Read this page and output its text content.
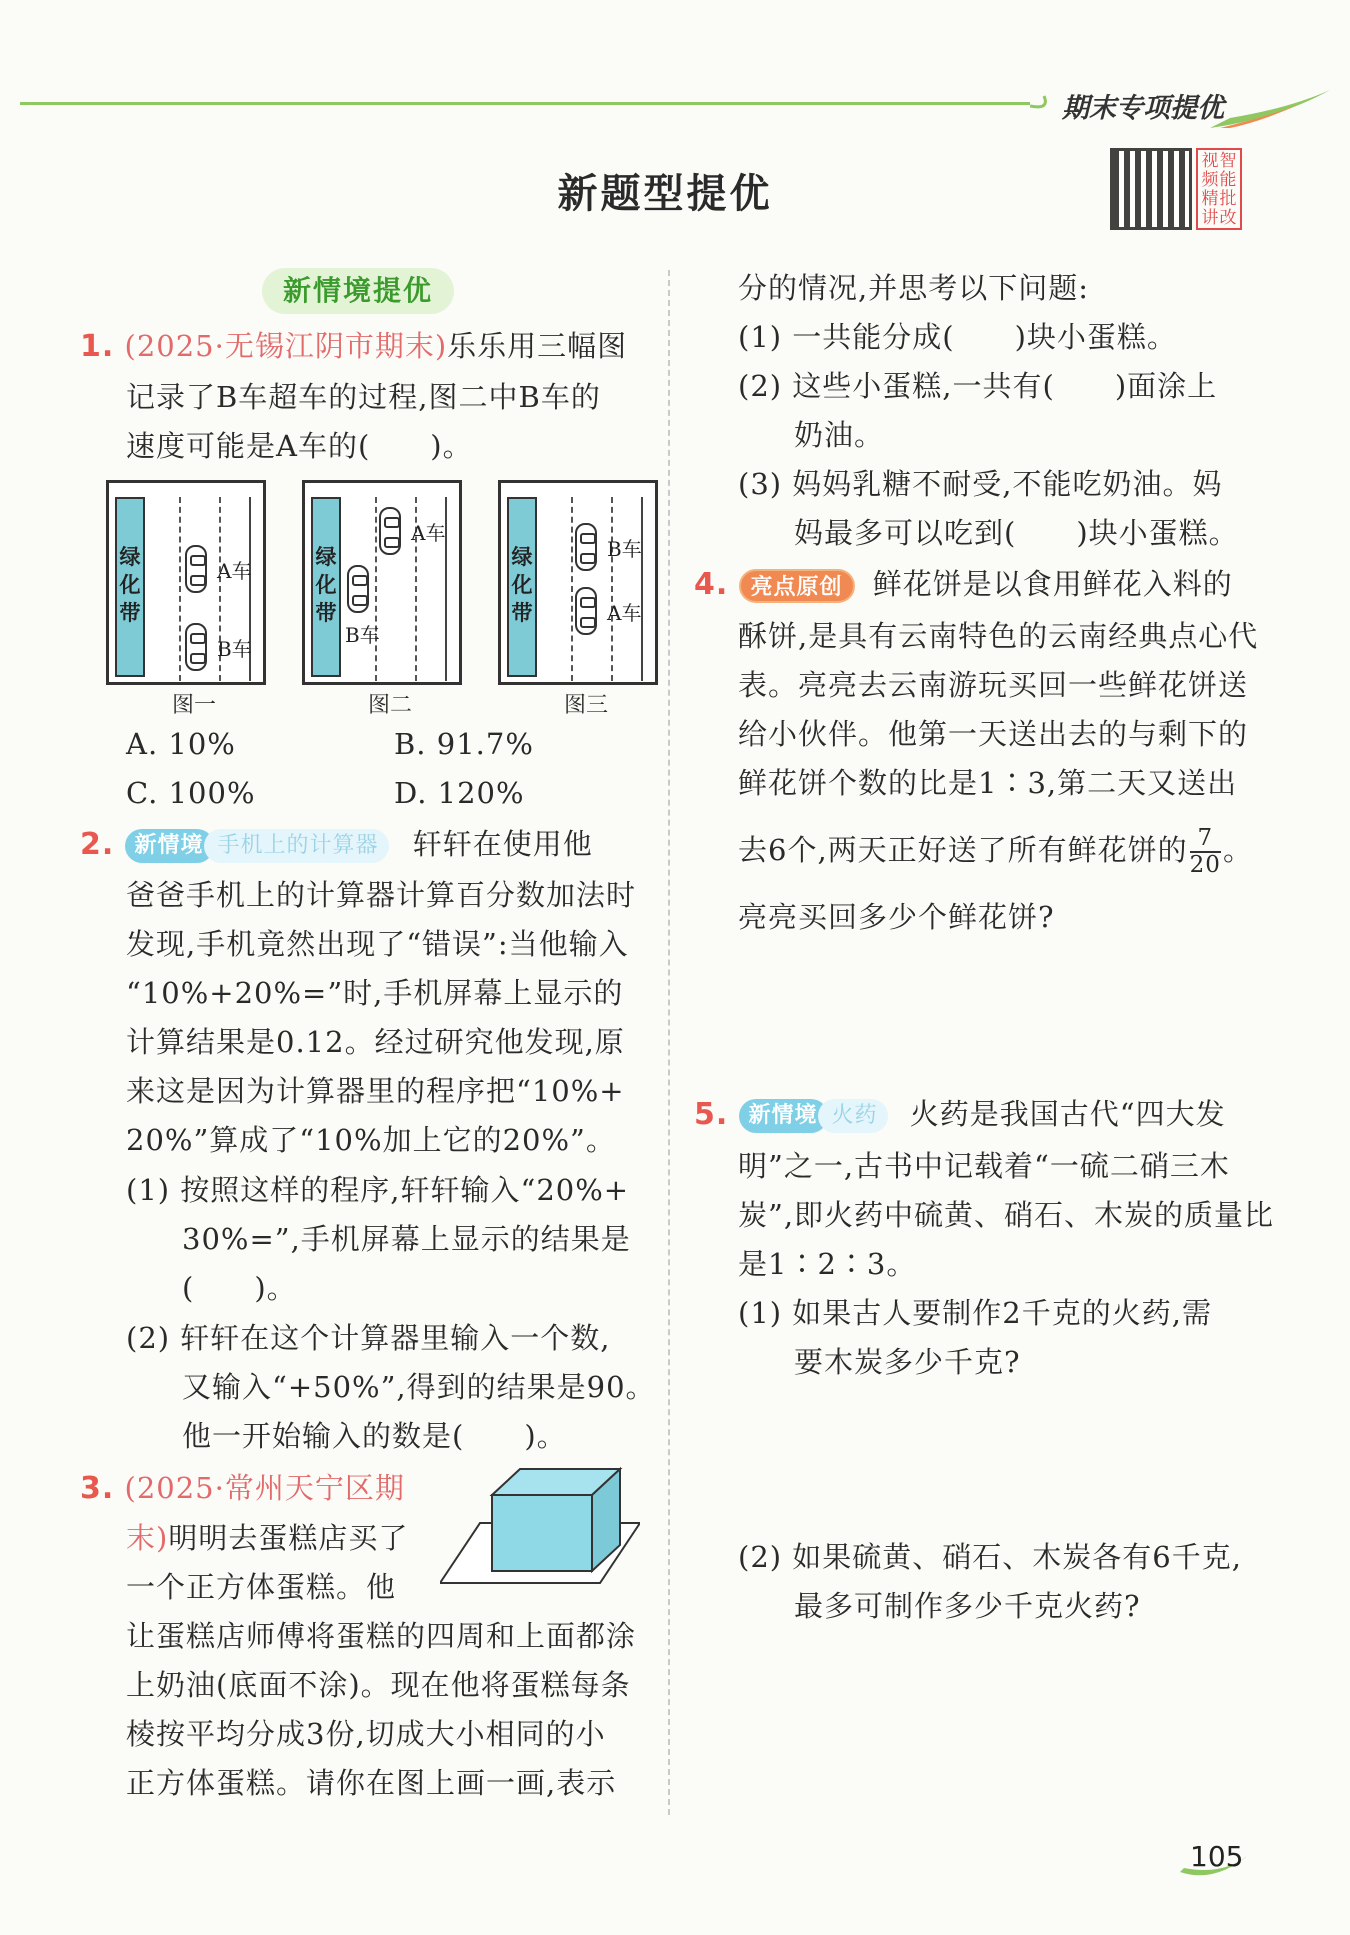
期末专项提优
新题型提优
视 智
频 能
精 批
讲 改
新情境提优
1. (2025·无锡江阴市期末)乐乐用三幅图
记录了B车超车的过程,图二中B车的
速度可能是A车的(　　)。
绿化带
A车
B车
图一
绿化带
A车
B车
图二
绿化带
B车
A车
图三
A. 10%	B. 91.7%
C. 100%	D. 120%
2. 新情境 手机上的计算器 轩轩在使用他
爸爸手机上的计算器计算百分数加法时
发现,手机竟然出现了“错误”:当他输入
“10%+20%=”时,手机屏幕上显示的
计算结果是0.12。经过研究他发现,原
来这是因为计算器里的程序把“10%+
20%”算成了“10%加上它的20%”。
(1) 按照这样的程序,轩轩输入“20%+
30%=”,手机屏幕上显示的结果是
(　　)。
(2) 轩轩在这个计算器里输入一个数,
又输入“+50%”,得到的结果是90。
他一开始输入的数是(　　)。
3. (2025·常州天宁区期
末)明明去蛋糕店买了
一个正方体蛋糕。他
让蛋糕店师傅将蛋糕的四周和上面都涂
上奶油(底面不涂)。现在他将蛋糕每条
棱按平均分成3份,切成大小相同的小
正方体蛋糕。请你在图上画一画,表示
分的情况,并思考以下问题:
(1) 一共能分成(　　)块小蛋糕。
(2) 这些小蛋糕,一共有(　　)面涂上
奶油。
(3) 妈妈乳糖不耐受,不能吃奶油。妈
妈最多可以吃到(　　)块小蛋糕。
4. 亮点原创 鲜花饼是以食用鲜花入料的
酥饼,是具有云南特色的云南经典点心代
表。亮亮去云南游玩买回一些鲜花饼送
给小伙伴。他第一天送出去的与剩下的
鲜花饼个数的比是1∶3,第二天又送出
去6个,两天正好送了所有鲜花饼的 $\frac{7}{20}$ 。
亮亮买回多少个鲜花饼?
5. 新情境 火药 火药是我国古代“四大发
明”之一,古书中记载着“一硫二硝三木
炭”,即火药中硫黄、硝石、木炭的质量比
是1∶2∶3。
(1) 如果古人要制作2千克的火药,需
要木炭多少千克?
(2) 如果硫黄、硝石、木炭各有6千克,
最多可制作多少千克火药?
105
